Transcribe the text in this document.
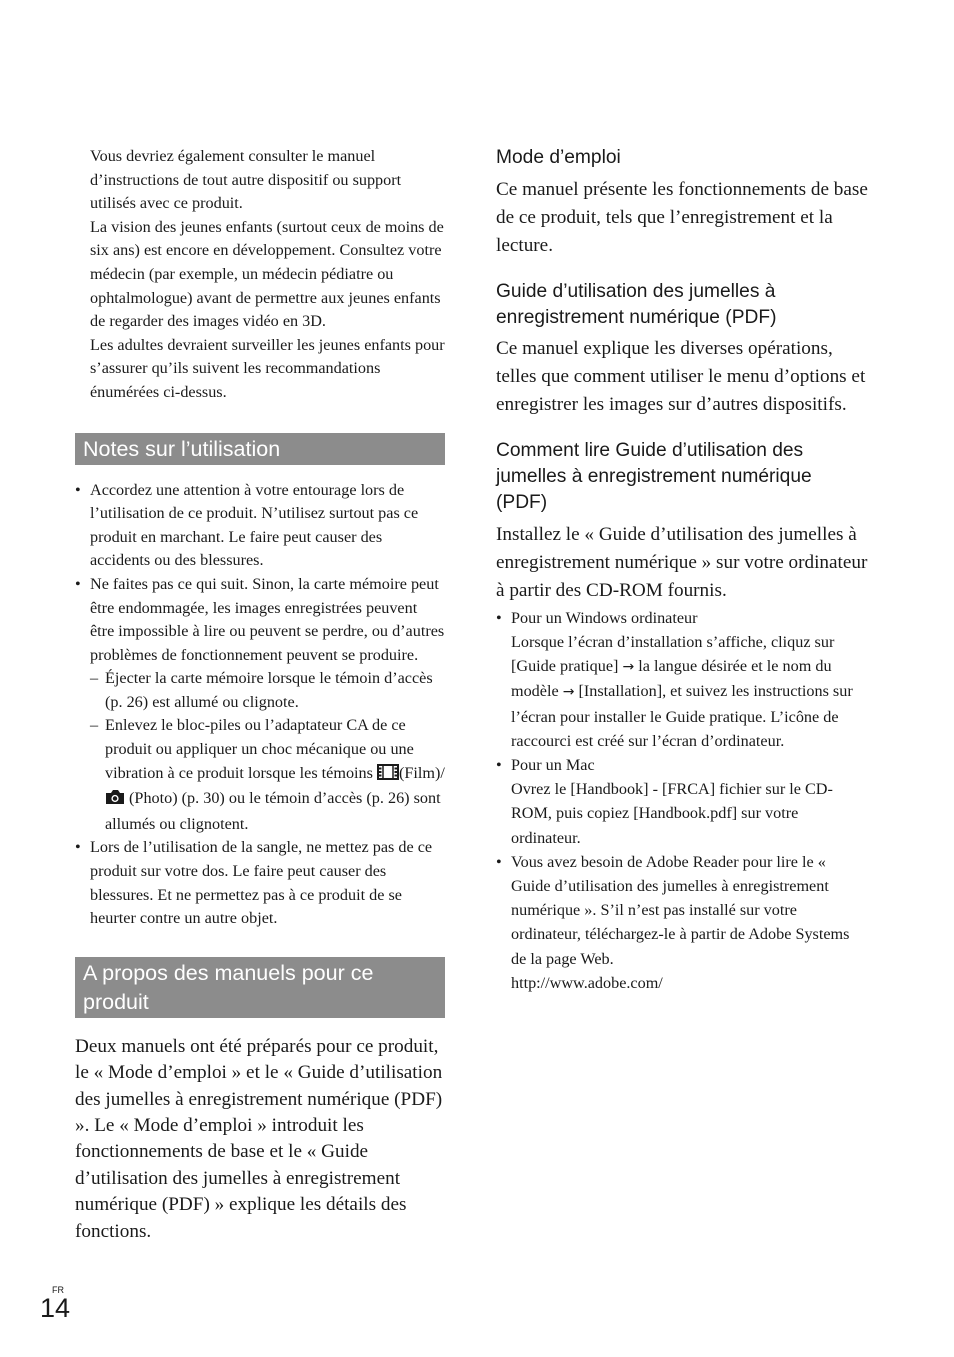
Vous devriez également consulter le manuel d’instructions de tout autre dispositif ou support utilisés avec ce produit.

La vision des jeunes enfants (surtout ceux de moins de six ans) est encore en développement. Consultez votre médecin (par exemple, un médecin pédiatre ou ophtalmologue) avant de permettre aux jeunes enfants de regarder des images vidéo en 3D.

Les adultes devraient surveiller les jeunes enfants pour s’assurer qu’ils suivent les recommandations énumérées ci-dessus.

Notes sur l’utilisation
• Accordez une attention à votre entourage lors de l’utilisation de ce produit. N’utilisez surtout pas ce produit en marchant. Le faire peut causer des accidents ou des blessures.
• Ne faites pas ce qui suit. Sinon, la carte mémoire peut être endommagée, les images enregistrées peuvent être impossible à lire ou peuvent se perdre, ou d’autres problèmes de fonctionnement peuvent se produire.
– Éjecter la carte mémoire lorsque le témoin d’accès (p. 26) est allumé ou clignote.
– Enlevez le bloc-piles ou l’adaptateur CA de ce produit ou appliquer un choc mécanique ou une vibration à ce produit lorsque les témoins (Film)/ (Photo) (p. 30) ou le témoin d’accès (p. 26) sont allumés ou clignotent.
• Lors de l’utilisation de la sangle, ne mettez pas de ce produit sur votre dos. Le faire peut causer des blessures. Et ne permettez pas à ce produit de se heurter contre un autre objet.
A propos des manuels pour ce produit

Deux manuels ont été préparés pour ce produit, le « Mode d’emploi » et le « Guide d’utilisation des jumelles à enregistrement numérique (PDF) ». Le « Mode d’emploi » introduit les fonctionnements de base et le « Guide d’utilisation des jumelles à enregistrement numérique (PDF) » explique les détails des fonctions.

Mode d’emploi

Ce manuel présente les fonctionnements de base de ce produit, tels que l’enregistrement et la lecture.

Guide d’utilisation des jumelles à enregistrement numérique (PDF)

Ce manuel explique les diverses opérations, telles que comment utiliser le menu d’options et enregistrer les images sur d’autres dispositifs.

Comment lire Guide d’utilisation des jumelles à enregistrement numérique (PDF)

Installez le « Guide d’utilisation des jumelles à enregistrement numérique » sur votre ordinateur à partir des CD-ROM fournis.

• Pour un Windows ordinateur

Lorsque l’écran d’installation s’affiche, cliquz sur [Guide pratique] → la langue désirée et le nom du modèle → [Installation], et suivez les instructions sur l’écran pour installer le Guide pratique. L’icône de raccourci est créé sur l’écran d’ordinateur.

• Pour un Mac

Ovrez le [Handbook] - [FRCA] fichier sur le CD-ROM, puis copiez [Handbook.pdf] sur votre ordinateur.

• Vous avez besoin de Adobe Reader pour lire le « Guide d’utilisation des jumelles à enregistrement numérique ». S’il n’est pas installé sur votre ordinateur, téléchargez-le à partir de Adobe Systems de la page Web.

http://www.adobe.com/

FR
14
